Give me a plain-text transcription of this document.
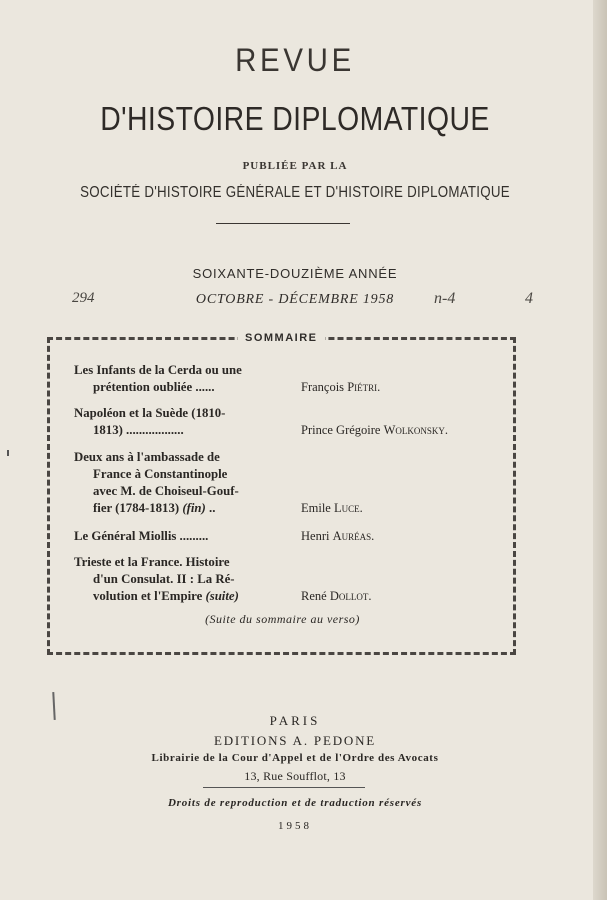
REVUE
D'HISTOIRE DIPLOMATIQUE
PUBLIÉE PAR LA
SOCIÉTÉ D'HISTOIRE GÉNÉRALE ET D'HISTOIRE DIPLOMATIQUE
SOIXANTE-DOUZIÈME ANNÉE
OCTOBRE - DÉCEMBRE 1958
294	n-4	4
SOMMAIRE
Les Infants de la Cerda ou une
prétention oubliée ......	François Piétri.
Napoléon et la Suède (1810-
1813) ..................	Prince Grégoire Wolkonsky.
Deux ans à l'ambassade de
France à Constantinople
avec M. de Choiseul-Gouf-
fier (1784-1813) (fin) ..	Emile Luce.
Le Général Miollis .........	Henri Auréas.
Trieste et la France. Histoire
d'un Consulat. II : La Ré-
volution et l'Empire (suite)	René Dollot.
(Suite du sommaire au verso)
PARIS
EDITIONS A. PEDONE
Librairie de la Cour d'Appel et de l'Ordre des Avocats
13, Rue Soufflot, 13
Droits de reproduction et de traduction réservés
1958
